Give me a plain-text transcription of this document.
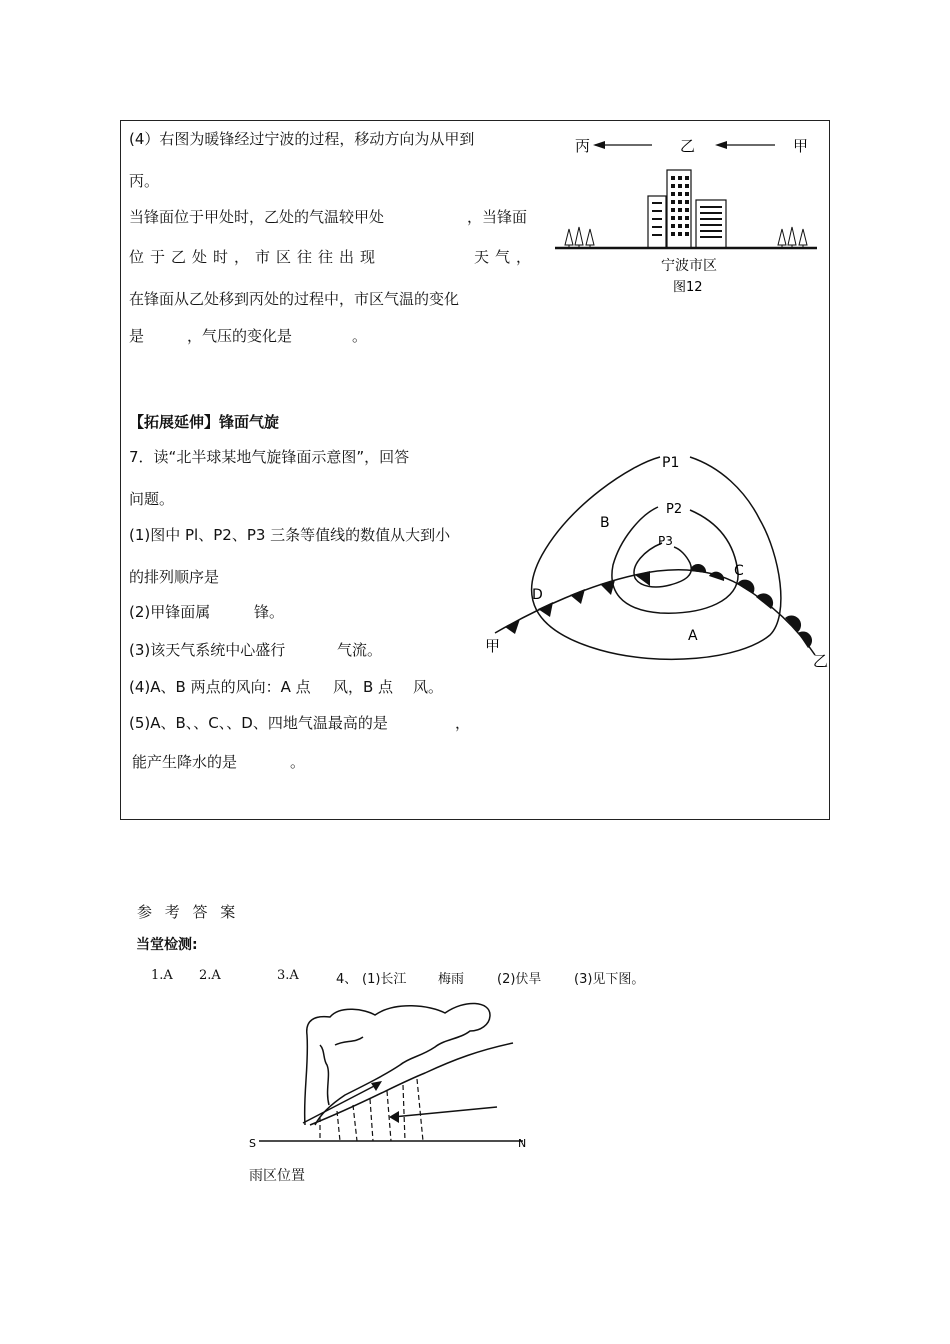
(4）右图为暖锋经过宁波的过程，移动方向为从甲到
丙。
当锋面位于甲处时，乙处的气温较甲处	，当锋面
位于乙处时，市区往往出现	天气，
在锋面从乙处移到丙处的过程中，市区气温的变化
是	，气压的变化是	。
丙	乙	甲
宁波市区
图12
【拓展延伸】锋面气旋
7．读“北半球某地气旋锋面示意图”，回答
问题。
(1)图中 Pl、P2、P3 三条等值线的数值从大到小
的排列顺序是
(2)甲锋面属	锋。
(3)该天气系统中心盛行	气流。
(4)A、B 两点的风向：A 点 风，B 点 风。
(5)A、B、、C、、D、四地气温最高的是	，
能产生降水的是	。
P1
P2
P3
B
C
D
A
甲
乙
参 考 答 案
当堂检测:
1.A 2.A	3.A	4、 (1)长江 梅雨	(2)伏旱	(3)见下图。
S	N
雨区位置
